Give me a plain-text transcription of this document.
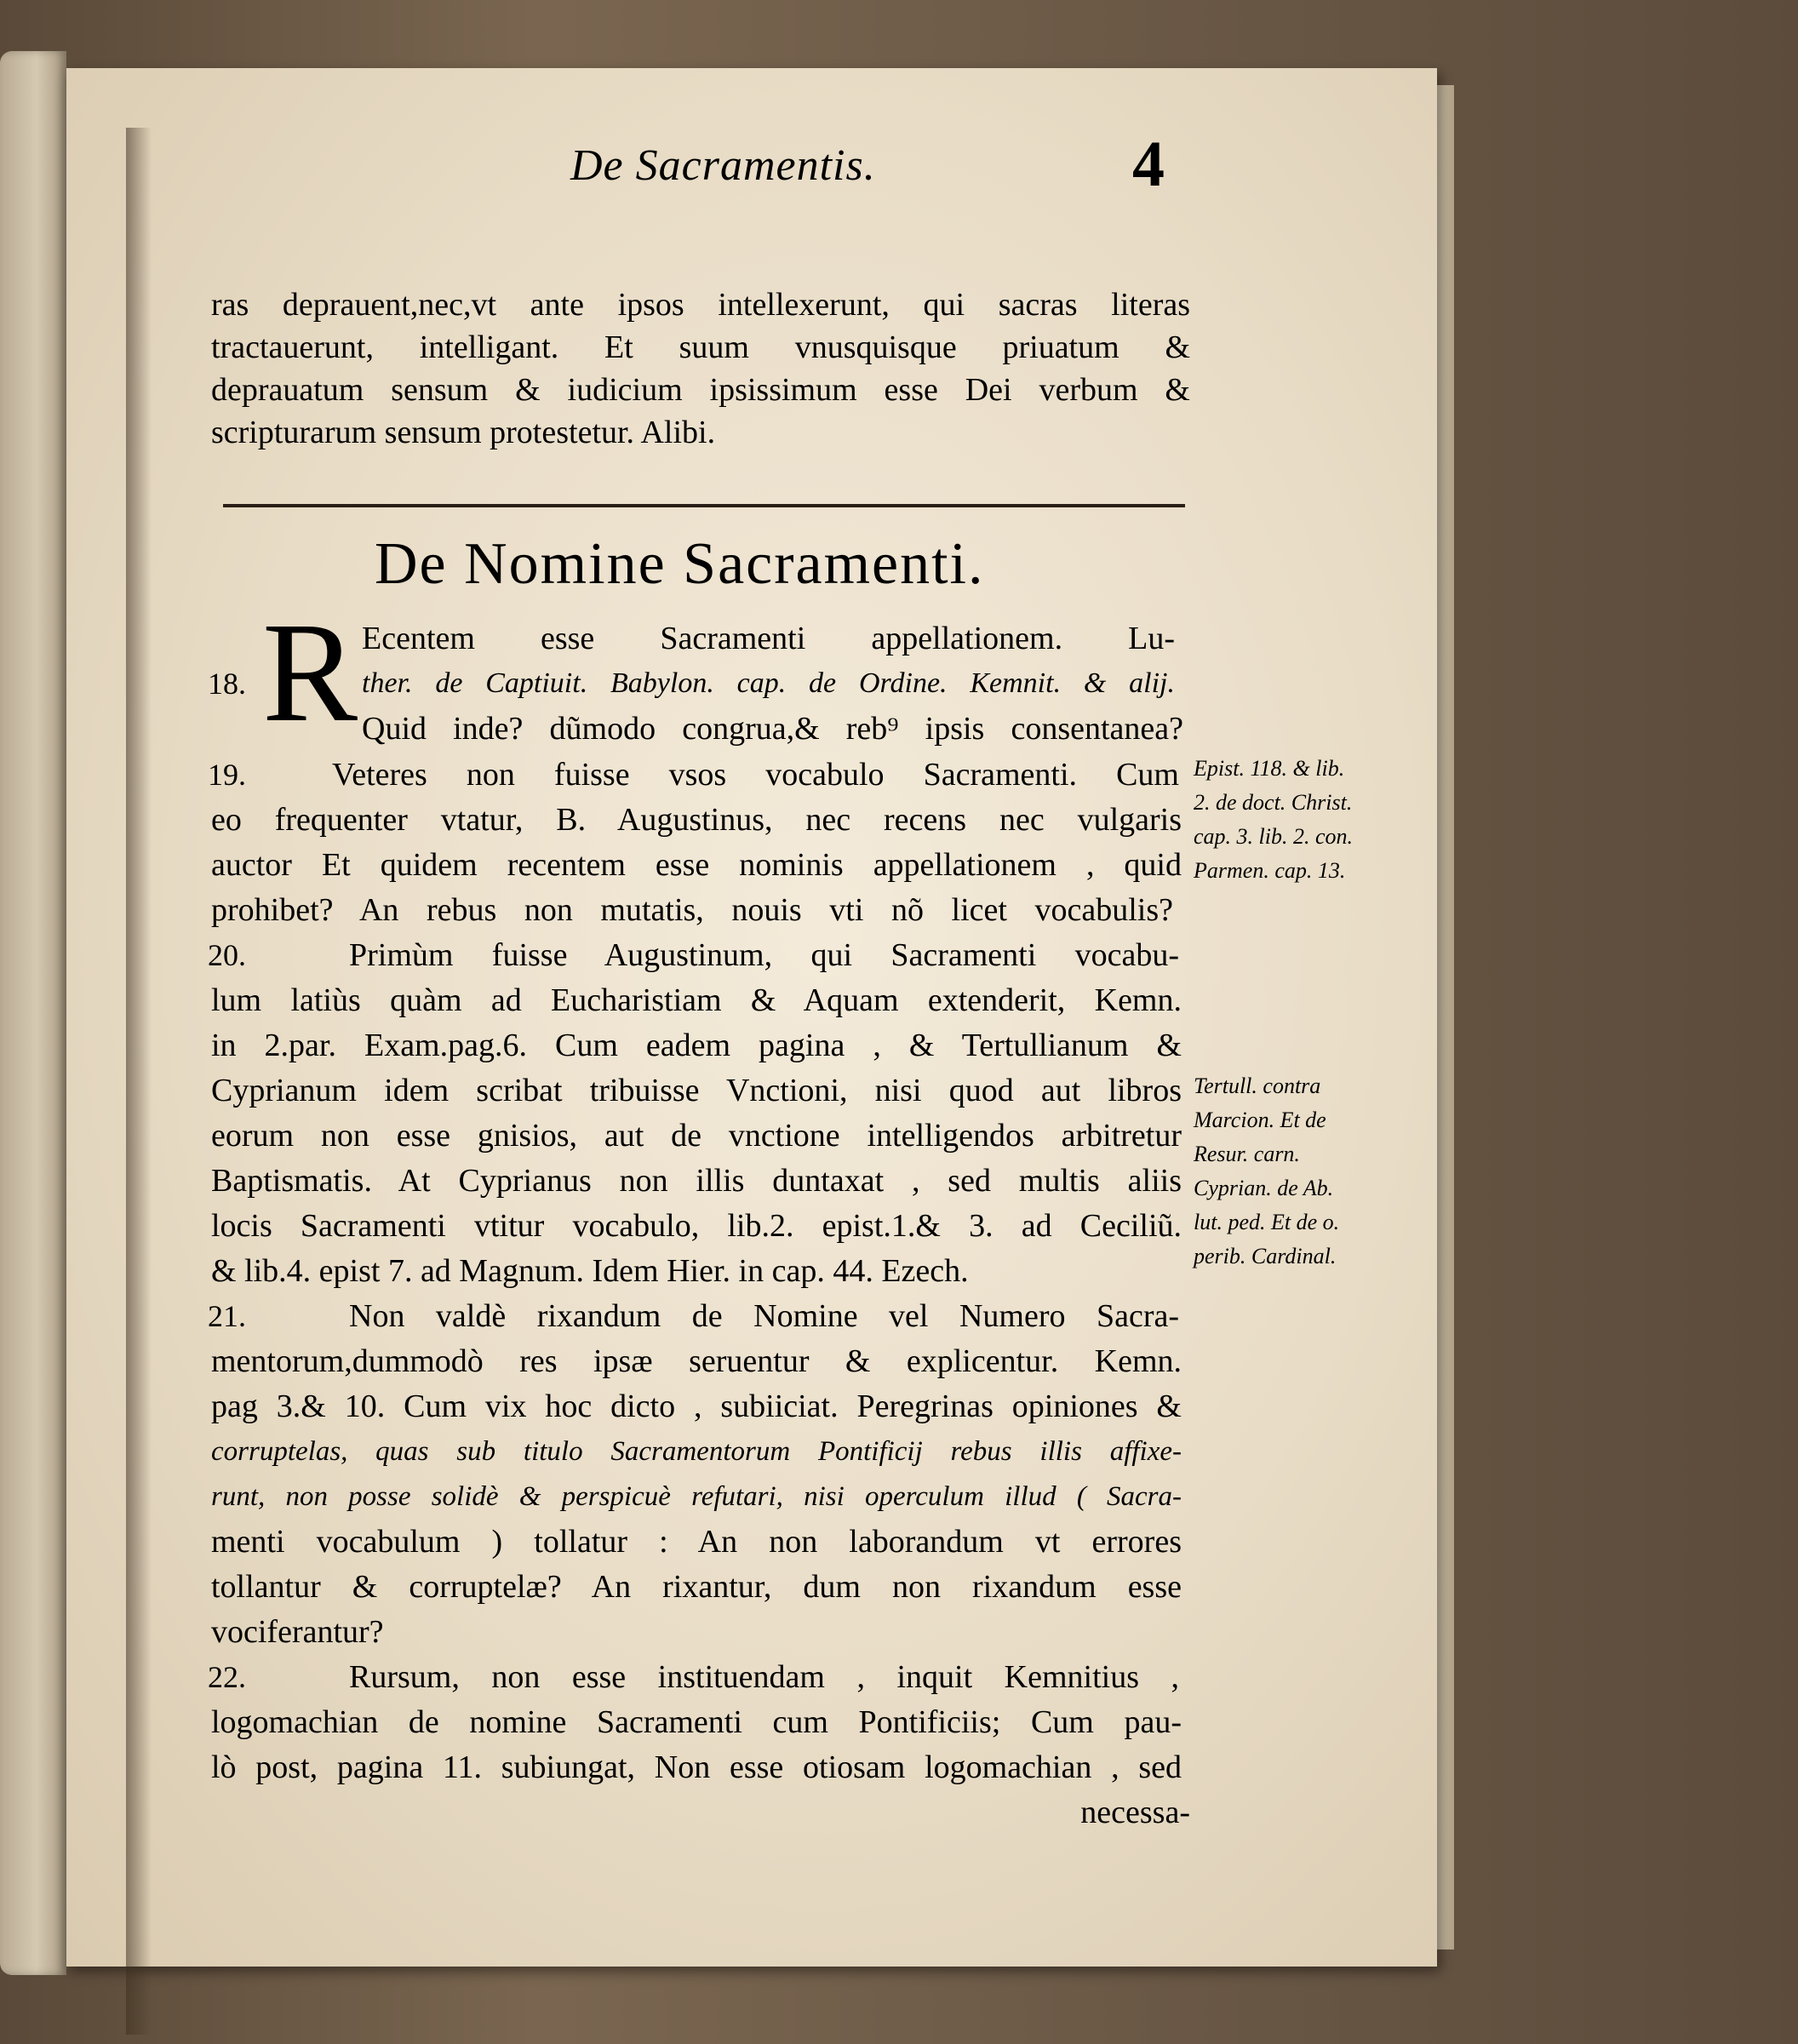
De Sacramentis.	4
ras deprauent,nec,vt ante ipsos intellexerunt, qui sacras literas
tractauerunt, intelligant. Et suum vnusquisque priuatum &
deprauatum sensum & iudicium ipsissimum esse Dei verbum &
scripturarum sensum protestetur. Alibi.
De Nomine Sacramenti.
R
18.
Ecentem esse Sacramenti appellationem. Lu-
ther. de Captiuit. Babylon. cap. de Ordine. Kemnit. & alij.
Quid inde? dũmodo congrua,& reb⁹ ipsis consentanea?
19.	Veteres non fuisse vsos vocabulo Sacramenti. Cum
eo frequenter vtatur, B. Augustinus, nec recens nec vulgaris
auctor Et quidem recentem esse nominis appellationem , quid
prohibet? An rebus non mutatis, nouis vti nõ licet vocabulis?
20.	Primùm fuisse Augustinum, qui Sacramenti vocabu-
lum latiùs quàm ad Eucharistiam & Aquam extenderit, Kemn.
in 2.par. Exam.pag.6. Cum eadem pagina , & Tertullianum &
Cyprianum idem scribat tribuisse Vnctioni, nisi quod aut libros
eorum non esse gnisios, aut de vnctione intelligendos arbitretur
Baptismatis. At Cyprianus non illis duntaxat , sed multis aliis
locis Sacramenti vtitur vocabulo, lib.2. epist.1.& 3. ad Ceciliũ.
& lib.4. epist 7. ad Magnum. Idem Hier. in cap. 44. Ezech.
21.	Non valdè rixandum de Nomine vel Numero Sacra-
mentorum,dummodò res ipsæ seruentur & explicentur. Kemn.
pag 3.& 10. Cum vix hoc dicto , subiiciat. Peregrinas opiniones &
corruptelas, quas sub titulo Sacramentorum Pontificij rebus illis affixe-
runt, non posse solidè & perspicuè refutari, nisi operculum illud ( Sacra-
menti vocabulum ) tollatur : An non laborandum vt errores
tollantur & corruptelæ? An rixantur, dum non rixandum esse
vociferantur?
22.	Rursum, non esse instituendam , inquit Kemnitius ,
logomachian de nomine Sacramenti cum Pontificiis; Cum pau-
lò post, pagina 11. subiungat, Non esse otiosam logomachian , sed
necessa-
Epist. 118. & lib.
2. de doct. Christ.
cap. 3. lib. 2. con.
Parmen. cap. 13.
Tertull. contra
Marcion. Et de
Resur. carn.
Cyprian. de Ab.
lut. ped. Et de o.
perib. Cardinal.
